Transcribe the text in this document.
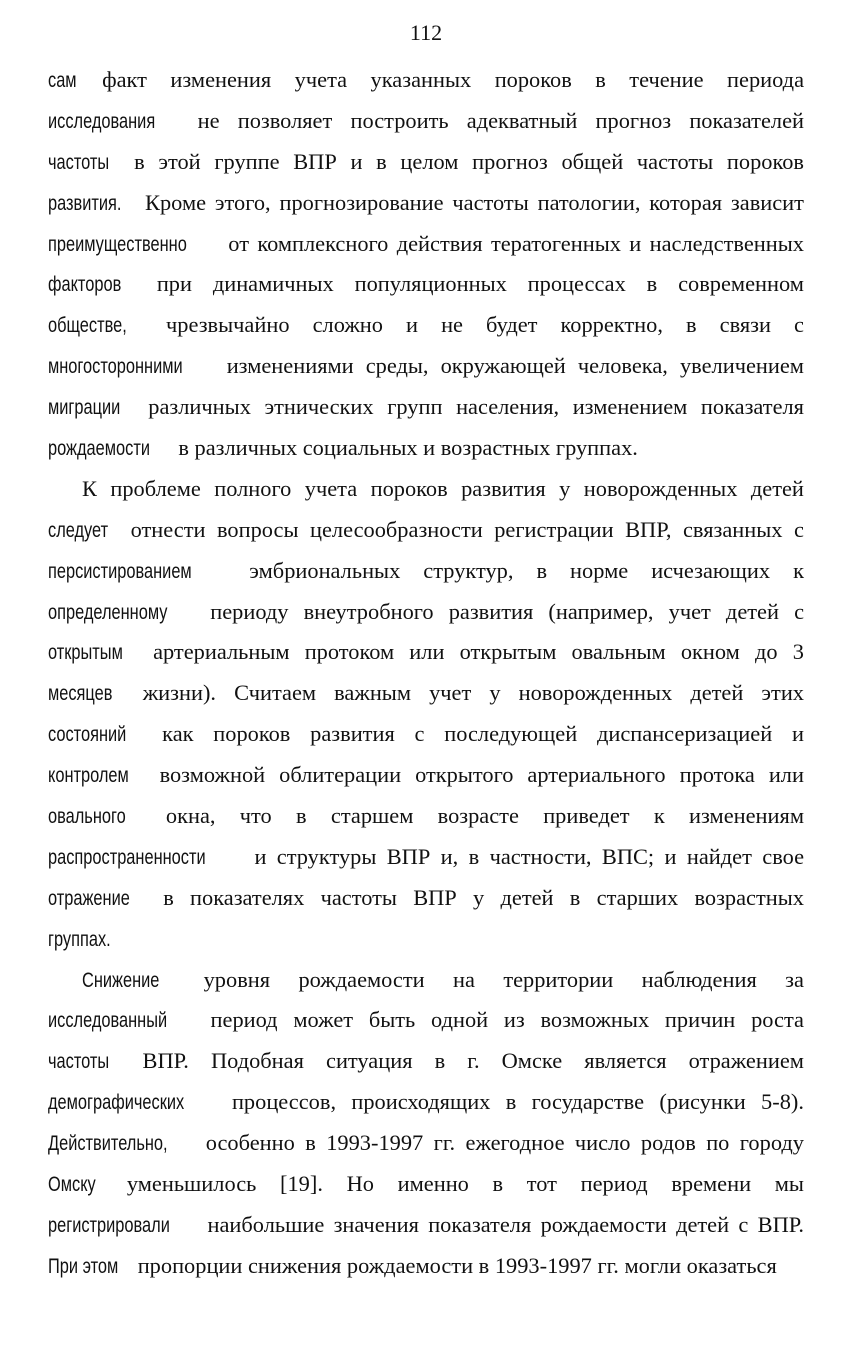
112
сам факт изменения учета указанных пороков в течение периода
исследования не позволяет построить адекватный прогноз показателей
частоты в этой группе ВПР и в целом прогноз общей частоты пороков
развития. Кроме этого, прогнозирование частоты патологии, которая зависит
преимущественно от комплексного действия тератогенных и наследственных
факторов при динамичных популяционных процессах в современном
обществе, чрезвычайно сложно и не будет корректно, в связи с
многосторонними изменениями среды, окружающей человека, увеличением
миграции различных этнических групп населения, изменением показателя
рождаемости в различных социальных и возрастных группах.
К проблеме полного учета пороков развития у новорожденных детей
следует отнести вопросы целесообразности регистрации ВПР, связанных с
персистированием	эмбриональных структур, в норме исчезающих к
определенному периоду внеутробного развития (например, учет детей с
открытым артериальным протоком или открытым овальным окном до 3
месяцев жизни). Считаем важным учет у новорожденных детей этих
состояний как пороков развития с последующей диспансеризацией и
контролем возможной облитерации открытого артериального протока или
овального окна, что в старшем возрасте приведет к изменениям
распространенности и структуры ВПР и, в частности, ВПС; и найдет свое
отражение в показателях частоты ВПР у детей в старших возрастных
группах.
Снижение уровня рождаемости на территории наблюдения за
исследованный период может быть одной из возможных причин роста
частоты ВПР. Подобная ситуация в г. Омске является отражением
демографических процессов, происходящих в государстве (рисунки 5-8).
Действительно, особенно в 1993-1997 гг. ежегодное число родов по городу
Омску уменьшилось [19]. Но именно в тот период времени мы
регистрировали наибольшие значения показателя рождаемости детей с ВПР.
При этом пропорции снижения рождаемости в 1993-1997 гг. могли оказаться
